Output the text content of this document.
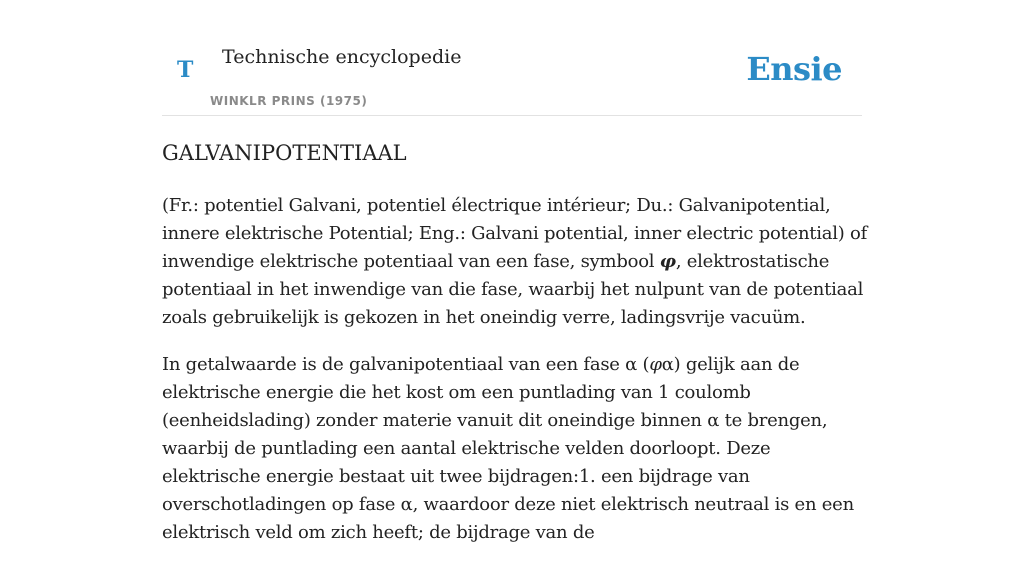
T Technische encyclopedie
WINKLR PRINS (1975)
Ensie
GALVANIPOTENTIAAL

(Fr.: potentiel Galvani, potentiel électrique intérieur; Du.: Galvanipotential, innere elektrische Potential; Eng.: Galvani potential, inner electric potential) of inwendige elektrische potentiaal van een fase, symbool φ, elektrostatische potentiaal in het inwendige van die fase, waarbij het nulpunt van de potentiaal zoals gebruikelijk is gekozen in het oneindig verre, ladingsvrije vacuüm.

In getalwaarde is de galvanipotentiaal van een fase α (φα) gelijk aan de elektrische energie die het kost om een puntlading van 1 coulomb (eenheidslading) zonder materie vanuit dit oneindige binnen α te brengen, waarbij de puntlading een aantal elektrische velden doorloopt. Deze elektrische energie bestaat uit twee bijdragen:1. een bijdrage van overschotladingen op fase α, waardoor deze niet elektrisch neutraal is en een elektrisch veld om zich heeft; de bijdrage van de
